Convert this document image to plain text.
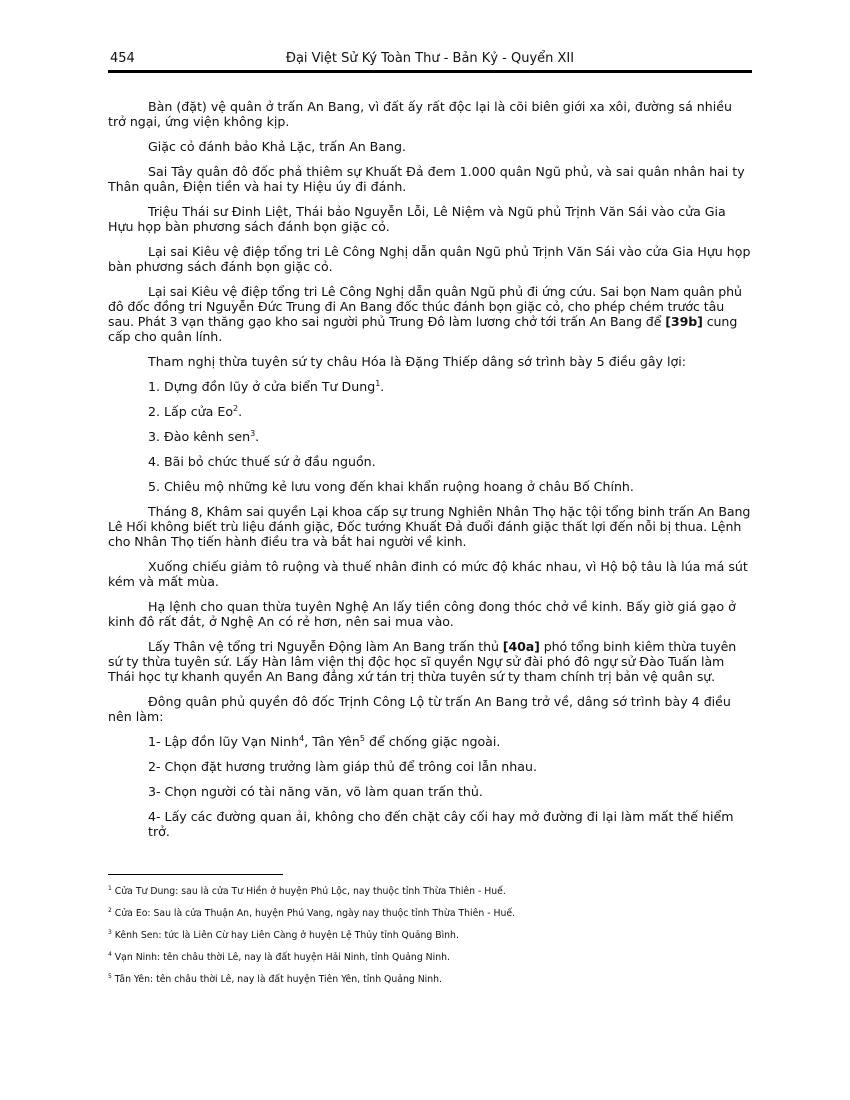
454	Đại Việt Sử Ký Toàn Thư - Bản Kỷ - Quyển XII

Bàn (đặt) vệ quân ở trấn An Bang, vì đất ấy rất độc lại là cõi biên giới xa xôi, đường sá nhiều trở ngại, ứng viện không kịp.

Giặc cỏ đánh bảo Khả Lặc, trấn An Bang.

Sai Tây quân đô đốc phả thiêm sự Khuất Đả đem 1.000 quân Ngũ phủ, và sai quân nhân hai ty Thân quân, Điện tiền và hai ty Hiệu úy đi đánh.

Triệu Thái sư Đinh Liệt, Thái bảo Nguyễn Lỗi, Lê Niệm và Ngũ phủ Trịnh Văn Sái vào cửa Gia Hựu họp bàn phương sách đánh bọn giặc cỏ.

Lại sai Kiêu vệ điệp tổng tri Lê Công Nghị dẫn quân Ngũ phủ Trịnh Văn Sái vào cửa Gia Hựu họp bàn phương sách đánh bọn giặc cỏ.

Lại sai Kiêu vệ điệp tổng tri Lê Công Nghị dẫn quân Ngũ phủ đi ứng cứu. Sai bọn Nam quân phủ đô đốc đồng tri Nguyễn Đức Trung đi An Bang đốc thúc đánh bọn giặc cỏ, cho phép chém trước tâu sau. Phát 3 vạn thăng gạo kho sai người phủ Trung Đô làm lương chở tới trấn An Bang để [39b] cung cấp cho quân lính.

Tham nghị thừa tuyên sứ ty châu Hóa là Đặng Thiếp dâng sớ trình bày 5 điều gây lợi:

1. Dựng đồn lũy ở cửa biển Tư Dung$^1$.

2. Lấp cửa Eo$^2$.

3. Đào kênh sen$^3$.

4. Bãi bỏ chức thuế sứ ở đầu nguồn.

5. Chiêu mộ những kẻ lưu vong đến khai khẩn ruộng hoang ở châu Bố Chính.

Tháng 8, Khâm sai quyền Lại khoa cấp sự trung Nghiên Nhân Thọ hặc tội tổng binh trấn An Bang Lê Hối không biết trù liệu đánh giặc, Đốc tướng Khuất Đả đuổi đánh giặc thất lợi đến nỗi bị thua. Lệnh cho Nhân Thọ tiến hành điều tra và bắt hai người về kinh.

Xuống chiếu giảm tô ruộng và thuế nhân đinh có mức độ khác nhau, vì Hộ bộ tâu là lúa má sút kém và mất mùa.

Hạ lệnh cho quan thừa tuyên Nghệ An lấy tiền công đong thóc chở về kinh. Bấy giờ giá gạo ở kinh đô rất đắt, ở Nghệ An có rẻ hơn, nên sai mua vào.

Lấy Thân vệ tổng tri Nguyễn Động làm An Bang trấn thủ [40a] phó tổng binh kiêm thừa tuyên sứ ty thừa tuyên sứ. Lấy Hàn lâm viện thị độc học sĩ quyền Ngự sử đài phó đô ngự sử Đào Tuấn làm Thái học tự khanh quyền An Bang đẳng xứ tán trị thừa tuyên sứ ty tham chính trị bản vệ quân sự.

Đông quân phủ quyền đô đốc Trịnh Công Lộ từ trấn An Bang trở về, dâng sớ trình bày 4 điều nên làm:

1- Lập đồn lũy Vạn Ninh$^4$, Tân Yên$^5$ để chống giặc ngoài.

2- Chọn đặt hương trưởng làm giáp thủ để trông coi lẫn nhau.

3- Chọn người có tài năng văn, võ làm quan trấn thủ.

4- Lấy các đường quan ải, không cho đến chặt cây cối hay mở đường đi lại làm mất thế hiểm trở.

$^1$ Cửa Tư Dung: sau là cửa Tư Hiền ở huyện Phú Lộc, nay thuộc tỉnh Thừa Thiên - Huế.

$^2$ Cửa Eo: Sau là cửa Thuận An, huyện Phú Vang, ngày nay thuộc tỉnh Thừa Thiên - Huế.

$^3$ Kênh Sen: tức là Liên Cừ hay Liên Càng ở huyện Lệ Thủy tỉnh Quảng Bình.

$^4$ Vạn Ninh: tên châu thời Lê, nay là đất huyện Hải Ninh, tỉnh Quảng Ninh.

$^5$ Tân Yên: tên châu thời Lê, nay là đất huyện Tiên Yên, tỉnh Quảng Ninh.
